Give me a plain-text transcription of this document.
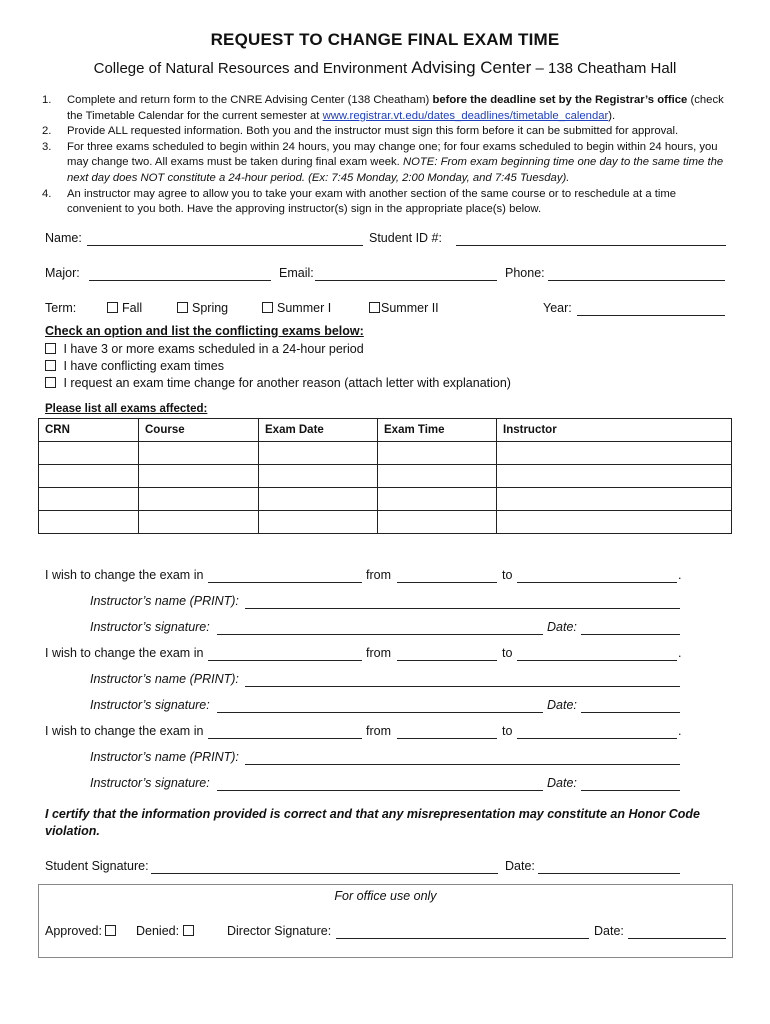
REQUEST TO CHANGE FINAL EXAM TIME
College of Natural Resources and Environment Advising Center – 138 Cheatham Hall
1. Complete and return form to the CNRE Advising Center (138 Cheatham) before the deadline set by the Registrar’s office (check the Timetable Calendar for the current semester at www.registrar.vt.edu/dates_deadlines/timetable_calendar).
2. Provide ALL requested information. Both you and the instructor must sign this form before it can be submitted for approval.
3. For three exams scheduled to begin within 24 hours, you may change one; for four exams scheduled to begin within 24 hours, you may change two. All exams must be taken during final exam week. NOTE: From exam beginning time one day to the same time the next day does NOT constitute a 24-hour period. (Ex: 7:45 Monday, 2:00 Monday, and 7:45 Tuesday).
4. An instructor may agree to allow you to take your exam with another section of the same course or to reschedule at a time convenient to you both. Have the approving instructor(s) sign in the appropriate place(s) below.
Name:	Student ID #:
Major:	Email:	Phone:
Term:	Fall	Spring	Summer I	Summer II	Year:
Check an option and list the conflicting exams below:
I have 3 or more exams scheduled in a 24-hour period
I have conflicting exam times
I request an exam time change for another reason (attach letter with explanation)
Please list all exams affected:
CRN	Course	Exam Date	Exam Time	Instructor

I wish to change the exam in	from	to	.
Instructor’s name (PRINT):
Instructor’s signature:	Date:
I wish to change the exam in	from	to	.
Instructor’s name (PRINT):
Instructor’s signature:	Date:
I wish to change the exam in	from	to	.
Instructor’s name (PRINT):
Instructor’s signature:	Date:
I certify that the information provided is correct and that any misrepresentation may constitute an Honor Code violation.
Student Signature:	Date:
For office use only
Approved:	Denied:	Director Signature:	Date:
